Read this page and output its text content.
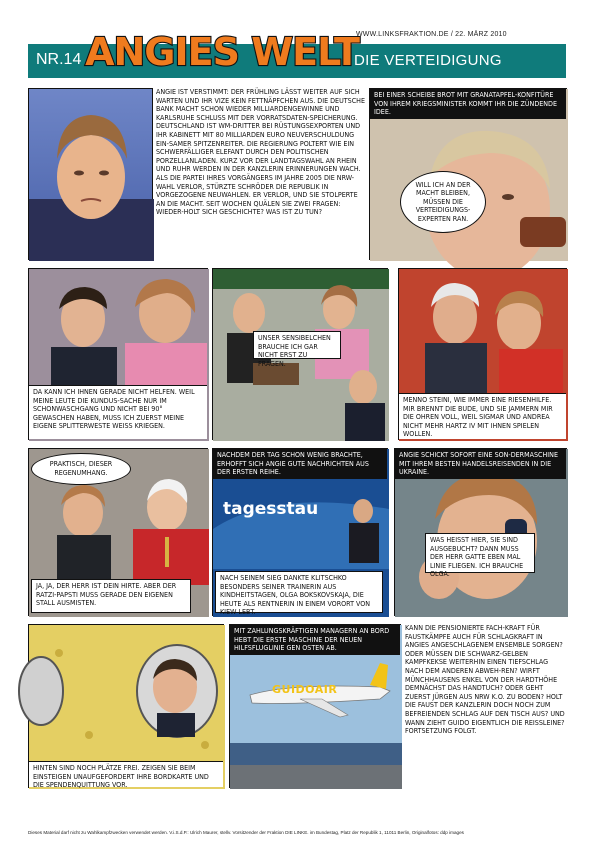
NR.14 ANGIES WELT
WWW.LINKSFRAKTION.DE / 22. MÄRZ 2010
DIE VERTEIDIGUNG
ANGIE IST VERSTIMMT: DER FRÜHLING LÄSST WEITER AUF SICH WARTEN UND IHR VIZE KEIN FETTNÄPFCHEN AUS. DIE DEUTSCHE BANK MACHT SCHON WIEDER MILLIARDENGEWINNE UND KARLSRUHE SCHLUSS MIT DER VORRATSDATEN-SPEICHERUNG. DEUTSCHLAND IST WM-DRITTER BEI RÜSTUNGSEXPORTEN UND IHR KABINETT MIT 80 MILLIARDEN EURO NEUVERSCHULDUNG EIN-SAMER SPITZENREITER. DIE REGIERUNG POLTERT WIE EIN SCHWERFÄLLIGER ELEFANT DURCH DEN POLITISCHEN PORZELLANLADEN. KURZ VOR DER LANDTAGSWAHL AN RHEIN UND RUHR WERDEN IN DER KANZLERIN ERINNERUNGEN WACH. ALS DIE PARTEI IHRES VORGÄNGERS IM JAHRE 2005 DIE NRW-WAHL VERLOR, STÜRZTE SCHRÖDER DIE REPUBLIK IN VORGEZOGENE NEUWAHLEN. ER VERLOR, UND SIE STOLPERTE AN DIE MACHT. SEIT WOCHEN QUÄLEN SIE ZWEI FRAGEN: WIEDER-HOLT SICH GESCHICHTE? WAS IST ZU TUN?
BEI EINER SCHEIBE BROT MIT GRANATAPFEL-KONFITÜRE VON IHREM KRIEGSMINISTER KOMMT IHR DIE ZÜNDENDE IDEE.
WILL ICH AN DER MACHT BLEIBEN, MÜSSEN DIE VERTEIDIGUNGS-EXPERTEN RAN.
DA KANN ICH IHNEN GERADE NICHT HELFEN. WEIL MEINE LEUTE DIE KUNDUS-SACHE NUR IM SCHONWASCHGANG UND NICHT BEI 90° GEWASCHEN HABEN, MUSS ICH ZUERST MEINE EIGENE SPLITTERWESTE WEISS KRIEGEN.
UNSER SENSIBELCHEN BRAUCHE ICH GAR NICHT ERST ZU FRAGEN.
MENNO STEINI, WIE IMMER EINE RIESENHILFE. MIR BRENNT DIE BUDE, UND SIE JAMMERN MIR DIE OHREN VOLL, WEIL SIGMAR UND ANDREA NICHT MEHR HARTZ IV MIT IHNEN SPIELEN WOLLEN.
PRAKTISCH, DIESER REGENUMHANG.
JA, JA, DER HERR IST DEIN HIRTE. ABER DER RATZI-PAPSTI MUSS GERADE DEN EIGENEN STALL AUSMISTEN.
NACHDEM DER TAG SCHON WENIG BRACHTE, ERHOFFT SICH ANGIE GUTE NACHRICHTEN AUS DER ERSTEN REIHE.
tagesstau
NACH SEINEM SIEG DANKTE KLITSCHKO BESONDERS SEINER TRAINERIN AUS KINDHEITSTAGEN, OLGA BOKSKOVSKAJA, DIE HEUTE ALS RENTNERIN IN EINEM VORORT VON KIEW LEBT.
ANGIE SCHICKT SOFORT EINE SON-DERMASCHINE MIT IHREM BESTEN HANDELSREISENDEN IN DIE UKRAINE.
WAS HEISST HIER, SIE SIND AUSGEBUCHT? DANN MUSS DER HERR GATTE EBEN MAL LINIE FLIEGEN. ICH BRAUCHE OLGA.
HINTEN SIND NOCH PLÄTZE FREI. ZEIGEN SIE BEIM EINSTEIGEN UNAUFGEFORDERT IHRE BORDKARTE UND DIE SPENDENQUITTUNG VOR.
MIT ZAHLUNGSKRÄFTIGEN MANAGERN AN BORD HEBT DIE ERSTE MASCHINE DER NEUEN HILFSFLUGLINIE GEN OSTEN AB.
GUIDOAIR
KANN DIE PENSIONIERTE FACH-KRAFT FÜR FAUSTKÄMPFE AUCH FÜR SCHLAGKRAFT IN ANGIES ANGESCHLAGENEM ENSEMBLE SORGEN? ODER MÜSSEN DIE SCHWARZ-GELBEN KAMPFKEKSE WEITERHIN EINEN TIEFSCHLAG NACH DEM ANDEREN ABWEH-REN? WIRFT MÜNCHHAUSENS ENKEL VON DER HARDTHÖHE DEMNÄCHST DAS HANDTUCH? ODER GEHT ZUERST JÜRGEN AUS NRW K.O. ZU BODEN? HOLT DIE FAUST DER KANZLERIN DOCH NOCH ZUM BEFREIENDEN SCHLAG AUF DEN TISCH AUS? UND WANN ZIEHT GUIDO EIGENTLICH DIE REISSLEINE? FORTSETZUNG FOLGT.
Dieses Material darf nicht zu Wahlkampfzwecken verwendet werden. V.i.S.d.P.: Ulrich Maurer, stellv. Vorsitzender der Fraktion DIE LINKE. im Bundestag, Platz der Republik 1, 11011 Berlin, Originalfotos: ddp images
